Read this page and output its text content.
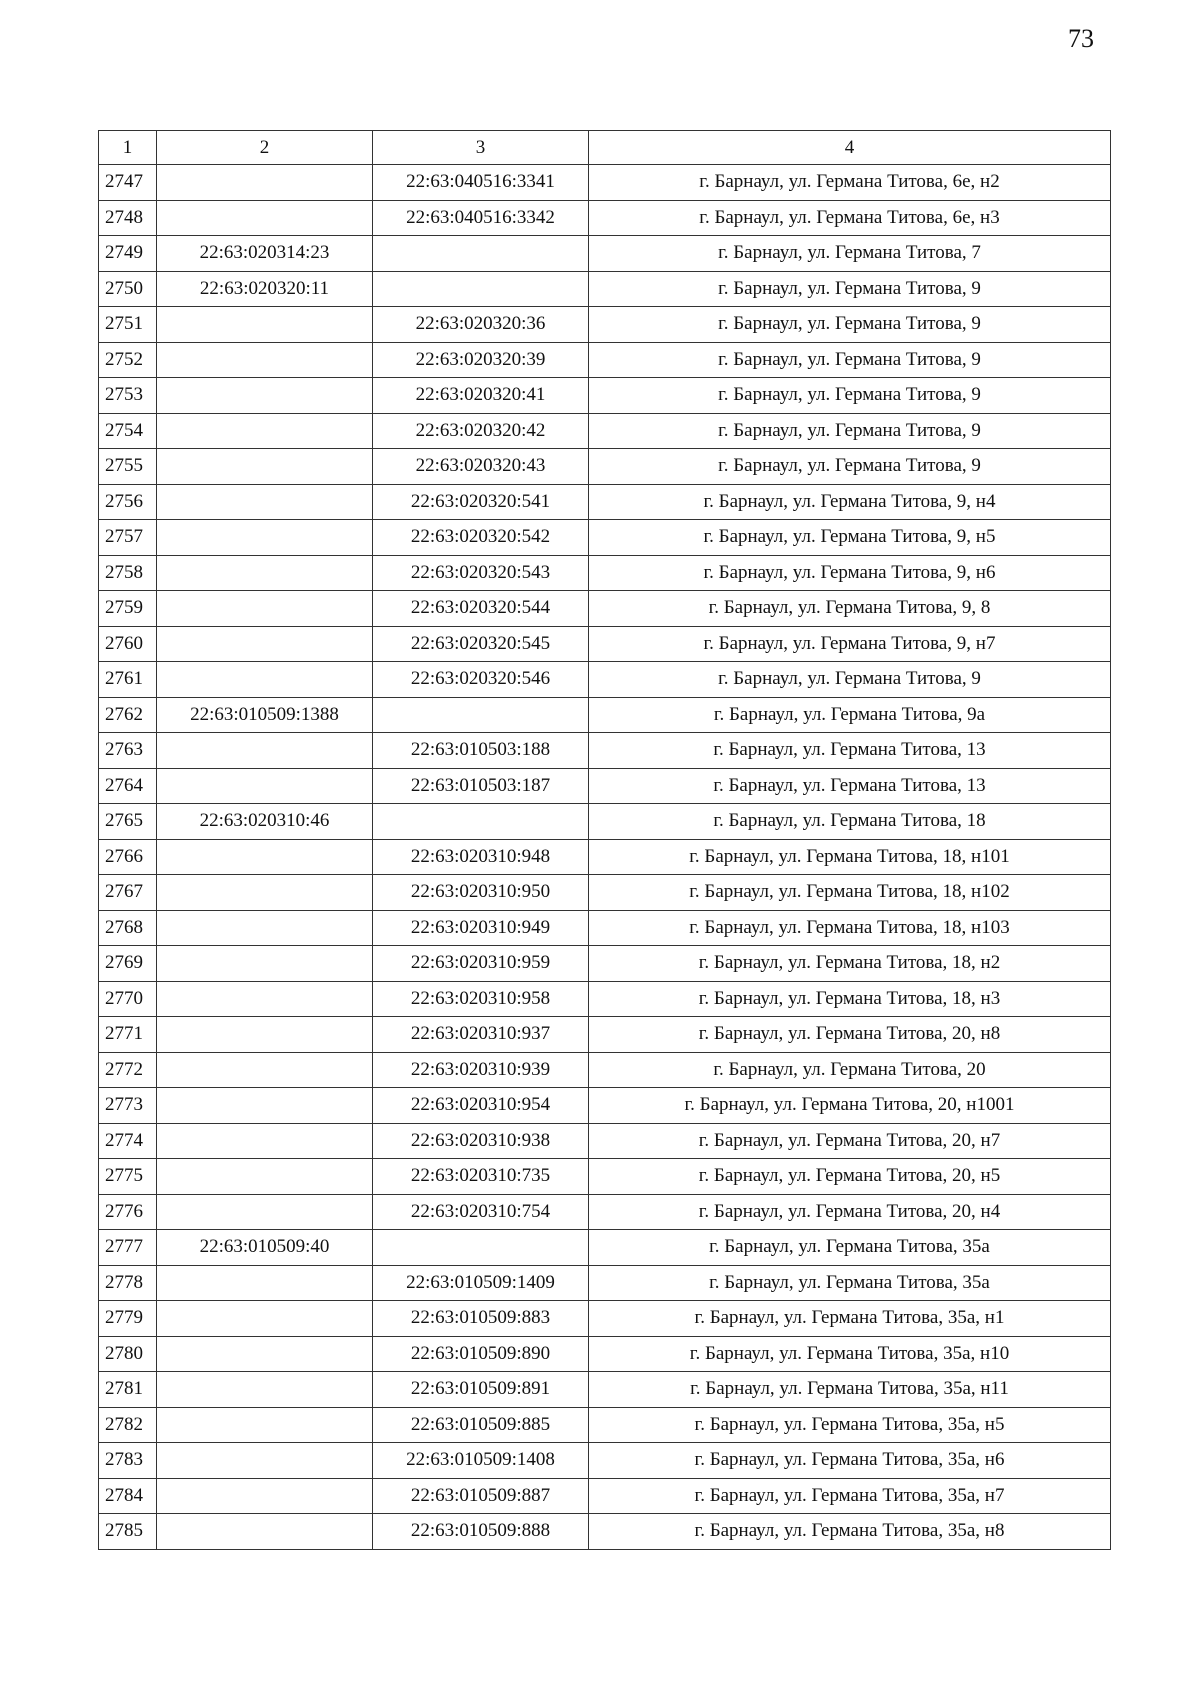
73
1	2	3	4
2747		22:63:040516:3341	г. Барнаул, ул. Германа Титова, 6е, н2
2748		22:63:040516:3342	г. Барнаул, ул. Германа Титова, 6е, н3
2749	22:63:020314:23		г. Барнаул, ул. Германа Титова, 7
2750	22:63:020320:11		г. Барнаул, ул. Германа Титова, 9
2751		22:63:020320:36	г. Барнаул, ул. Германа Титова, 9
2752		22:63:020320:39	г. Барнаул, ул. Германа Титова, 9
2753		22:63:020320:41	г. Барнаул, ул. Германа Титова, 9
2754		22:63:020320:42	г. Барнаул, ул. Германа Титова, 9
2755		22:63:020320:43	г. Барнаул, ул. Германа Титова, 9
2756		22:63:020320:541	г. Барнаул, ул. Германа Титова, 9, н4
2757		22:63:020320:542	г. Барнаул, ул. Германа Титова, 9, н5
2758		22:63:020320:543	г. Барнаул, ул. Германа Титова, 9, н6
2759		22:63:020320:544	г. Барнаул, ул. Германа Титова, 9, 8
2760		22:63:020320:545	г. Барнаул, ул. Германа Титова, 9, н7
2761		22:63:020320:546	г. Барнаул, ул. Германа Титова, 9
2762	22:63:010509:1388		г. Барнаул, ул. Германа Титова, 9а
2763		22:63:010503:188	г. Барнаул, ул. Германа Титова, 13
2764		22:63:010503:187	г. Барнаул, ул. Германа Титова, 13
2765	22:63:020310:46		г. Барнаул, ул. Германа Титова, 18
2766		22:63:020310:948	г. Барнаул, ул. Германа Титова, 18, н101
2767		22:63:020310:950	г. Барнаул, ул. Германа Титова, 18, н102
2768		22:63:020310:949	г. Барнаул, ул. Германа Титова, 18, н103
2769		22:63:020310:959	г. Барнаул, ул. Германа Титова, 18, н2
2770		22:63:020310:958	г. Барнаул, ул. Германа Титова, 18, н3
2771		22:63:020310:937	г. Барнаул, ул. Германа Титова, 20, н8
2772		22:63:020310:939	г. Барнаул, ул. Германа Титова, 20
2773		22:63:020310:954	г. Барнаул, ул. Германа Титова, 20, н1001
2774		22:63:020310:938	г. Барнаул, ул. Германа Титова, 20, н7
2775		22:63:020310:735	г. Барнаул, ул. Германа Титова, 20, н5
2776		22:63:020310:754	г. Барнаул, ул. Германа Титова, 20, н4
2777	22:63:010509:40		г. Барнаул, ул. Германа Титова, 35а
2778		22:63:010509:1409	г. Барнаул, ул. Германа Титова, 35а
2779		22:63:010509:883	г. Барнаул, ул. Германа Титова, 35а, н1
2780		22:63:010509:890	г. Барнаул, ул. Германа Титова, 35а, н10
2781		22:63:010509:891	г. Барнаул, ул. Германа Титова, 35а, н11
2782		22:63:010509:885	г. Барнаул, ул. Германа Титова, 35а, н5
2783		22:63:010509:1408	г. Барнаул, ул. Германа Титова, 35а, н6
2784		22:63:010509:887	г. Барнаул, ул. Германа Титова, 35а, н7
2785		22:63:010509:888	г. Барнаул, ул. Германа Титова, 35а, н8
